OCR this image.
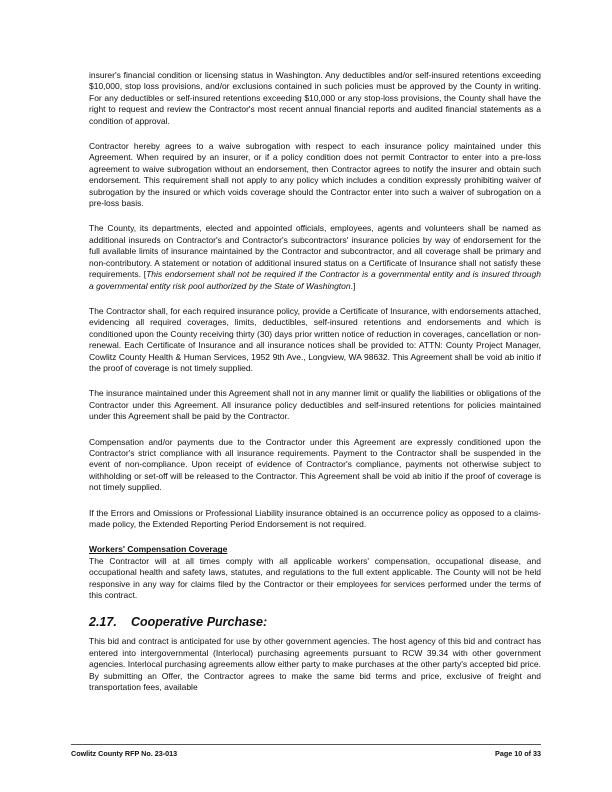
insurer's financial condition or licensing status in Washington. Any deductibles and/or self-insured retentions exceeding $10,000, stop loss provisions, and/or exclusions contained in such policies must be approved by the County in writing. For any deductibles or self-insured retentions exceeding $10,000 or any stop-loss provisions, the County shall have the right to request and review the Contractor's most recent annual financial reports and audited financial statements as a condition of approval.

Contractor hereby agrees to a waive subrogation with respect to each insurance policy maintained under this Agreement. When required by an insurer, or if a policy condition does not permit Contractor to enter into a pre-loss agreement to waive subrogation without an endorsement, then Contractor agrees to notify the insurer and obtain such endorsement. This requirement shall not apply to any policy which includes a condition expressly prohibiting waiver of subrogation by the insured or which voids coverage should the Contractor enter into such a waiver of subrogation on a pre-loss basis.

The County, its departments, elected and appointed officials, employees, agents and volunteers shall be named as additional insureds on Contractor's and Contractor's subcontractors' insurance policies by way of endorsement for the full available limits of insurance maintained by the Contractor and subcontractor, and all coverage shall be primary and non-contributory. A statement or notation of additional insured status on a Certificate of Insurance shall not satisfy these requirements. [This endorsement shall not be required if the Contractor is a governmental entity and is insured through a governmental entity risk pool authorized by the State of Washington.]

The Contractor shall, for each required insurance policy, provide a Certificate of Insurance, with endorsements attached, evidencing all required coverages, limits, deductibles, self-insured retentions and endorsements and which is conditioned upon the County receiving thirty (30) days prior written notice of reduction in coverages, cancellation or non-renewal. Each Certificate of Insurance and all insurance notices shall be provided to: ATTN: County Project Manager, Cowlitz County Health & Human Services, 1952 9th Ave., Longview, WA 98632. This Agreement shall be void ab initio if the proof of coverage is not timely supplied.

The insurance maintained under this Agreement shall not in any manner limit or qualify the liabilities or obligations of the Contractor under this Agreement. All insurance policy deductibles and self-insured retentions for policies maintained under this Agreement shall be paid by the Contractor.

Compensation and/or payments due to the Contractor under this Agreement are expressly conditioned upon the Contractor's strict compliance with all insurance requirements. Payment to the Contractor shall be suspended in the event of non-compliance. Upon receipt of evidence of Contractor's compliance, payments not otherwise subject to withholding or set-off will be released to the Contractor. This Agreement shall be void ab initio if the proof of coverage is not timely supplied.

If the Errors and Omissions or Professional Liability insurance obtained is an occurrence policy as opposed to a claims-made policy, the Extended Reporting Period Endorsement is not required.

Workers' Compensation Coverage

The Contractor will at all times comply with all applicable workers' compensation, occupational disease, and occupational health and safety laws, statutes, and regulations to the full extent applicable. The County will not be held responsive in any way for claims filed by the Contractor or their employees for services performed under the terms of this contract.

2.17. Cooperative Purchase:

This bid and contract is anticipated for use by other government agencies. The host agency of this bid and contract has entered into intergovernmental (Interlocal) purchasing agreements pursuant to RCW 39.34 with other government agencies. Interlocal purchasing agreements allow either party to make purchases at the other party's accepted bid price. By submitting an Offer, the Contractor agrees to make the same bid terms and price, exclusive of freight and transportation fees, available

Cowlitz County RFP No. 23-013	Page 10 of 33
